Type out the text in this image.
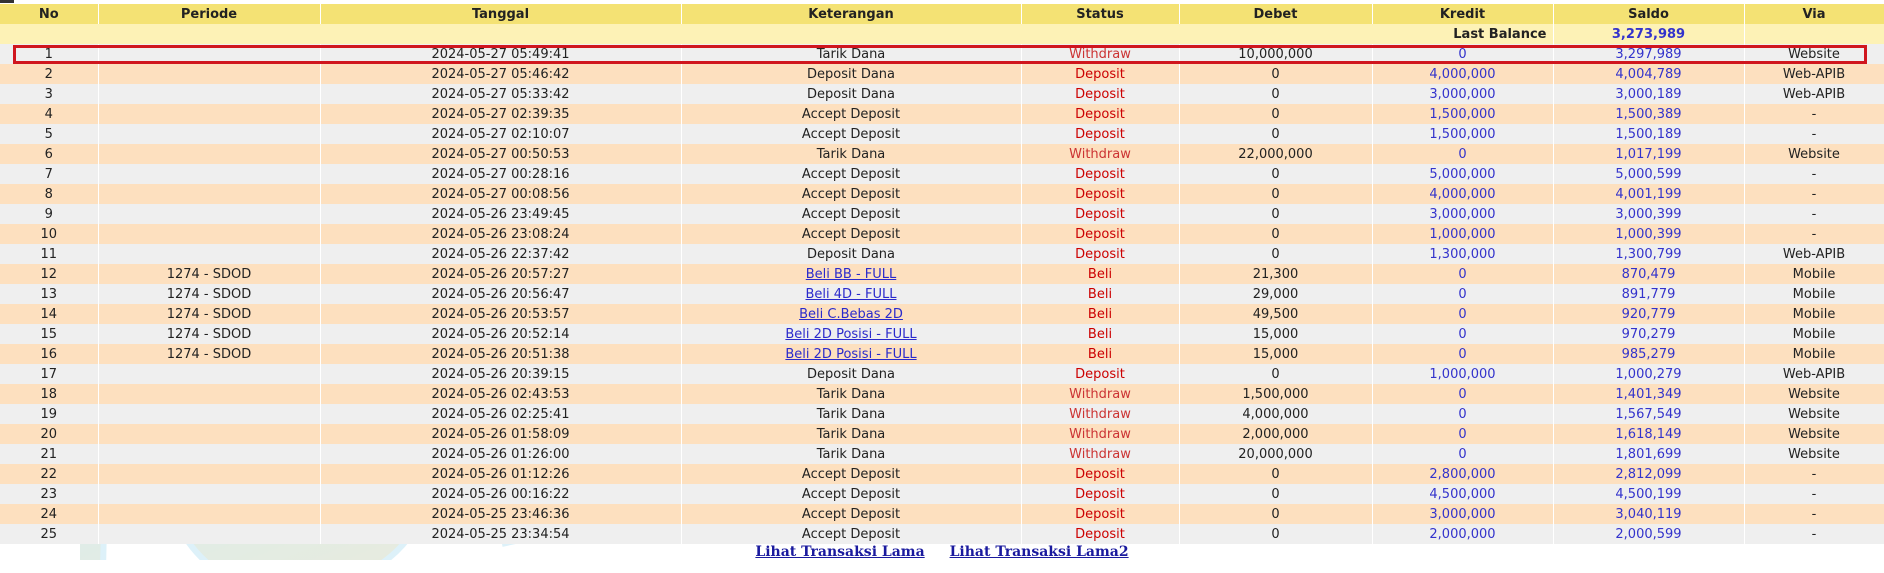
No	Periode	Tanggal	Keterangan	Status	Debet	Kredit	Saldo	Via
Last Balance							3,273,989	
1		2024-05-27 05:49:41	Tarik Dana	Withdraw	10,000,000	0	3,297,989	Website
2		2024-05-27 05:46:42	Deposit Dana	Deposit	0	4,000,000	4,004,789	Web-APIB
3		2024-05-27 05:33:42	Deposit Dana	Deposit	0	3,000,000	3,000,189	Web-APIB
4		2024-05-27 02:39:35	Accept Deposit	Deposit	0	1,500,000	1,500,389	-
5		2024-05-27 02:10:07	Accept Deposit	Deposit	0	1,500,000	1,500,189	-
6		2024-05-27 00:50:53	Tarik Dana	Withdraw	22,000,000	0	1,017,199	Website
7		2024-05-27 00:28:16	Accept Deposit	Deposit	0	5,000,000	5,000,599	-
8		2024-05-27 00:08:56	Accept Deposit	Deposit	0	4,000,000	4,001,199	-
9		2024-05-26 23:49:45	Accept Deposit	Deposit	0	3,000,000	3,000,399	-
10		2024-05-26 23:08:24	Accept Deposit	Deposit	0	1,000,000	1,000,399	-
11		2024-05-26 22:37:42	Deposit Dana	Deposit	0	1,300,000	1,300,799	Web-APIB
12	1274 - SDOD	2024-05-26 20:57:27	Beli BB - FULL	Beli	21,300	0	870,479	Mobile
13	1274 - SDOD	2024-05-26 20:56:47	Beli 4D - FULL	Beli	29,000	0	891,779	Mobile
14	1274 - SDOD	2024-05-26 20:53:57	Beli C.Bebas 2D	Beli	49,500	0	920,779	Mobile
15	1274 - SDOD	2024-05-26 20:52:14	Beli 2D Posisi - FULL	Beli	15,000	0	970,279	Mobile
16	1274 - SDOD	2024-05-26 20:51:38	Beli 2D Posisi - FULL	Beli	15,000	0	985,279	Mobile
17		2024-05-26 20:39:15	Deposit Dana	Deposit	0	1,000,000	1,000,279	Web-APIB
18		2024-05-26 02:43:53	Tarik Dana	Withdraw	1,500,000	0	1,401,349	Website
19		2024-05-26 02:25:41	Tarik Dana	Withdraw	4,000,000	0	1,567,549	Website
20		2024-05-26 01:58:09	Tarik Dana	Withdraw	2,000,000	0	1,618,149	Website
21		2024-05-26 01:26:00	Tarik Dana	Withdraw	20,000,000	0	1,801,699	Website
22		2024-05-26 01:12:26	Accept Deposit	Deposit	0	2,800,000	2,812,099	-
23		2024-05-26 00:16:22	Accept Deposit	Deposit	0	4,500,000	4,500,199	-
24		2024-05-25 23:46:36	Accept Deposit	Deposit	0	3,000,000	3,040,119	-
25		2024-05-25 23:34:54	Accept Deposit	Deposit	0	2,000,000	2,000,599	-
Lihat Transaksi Lama Lihat Transaksi Lama2
